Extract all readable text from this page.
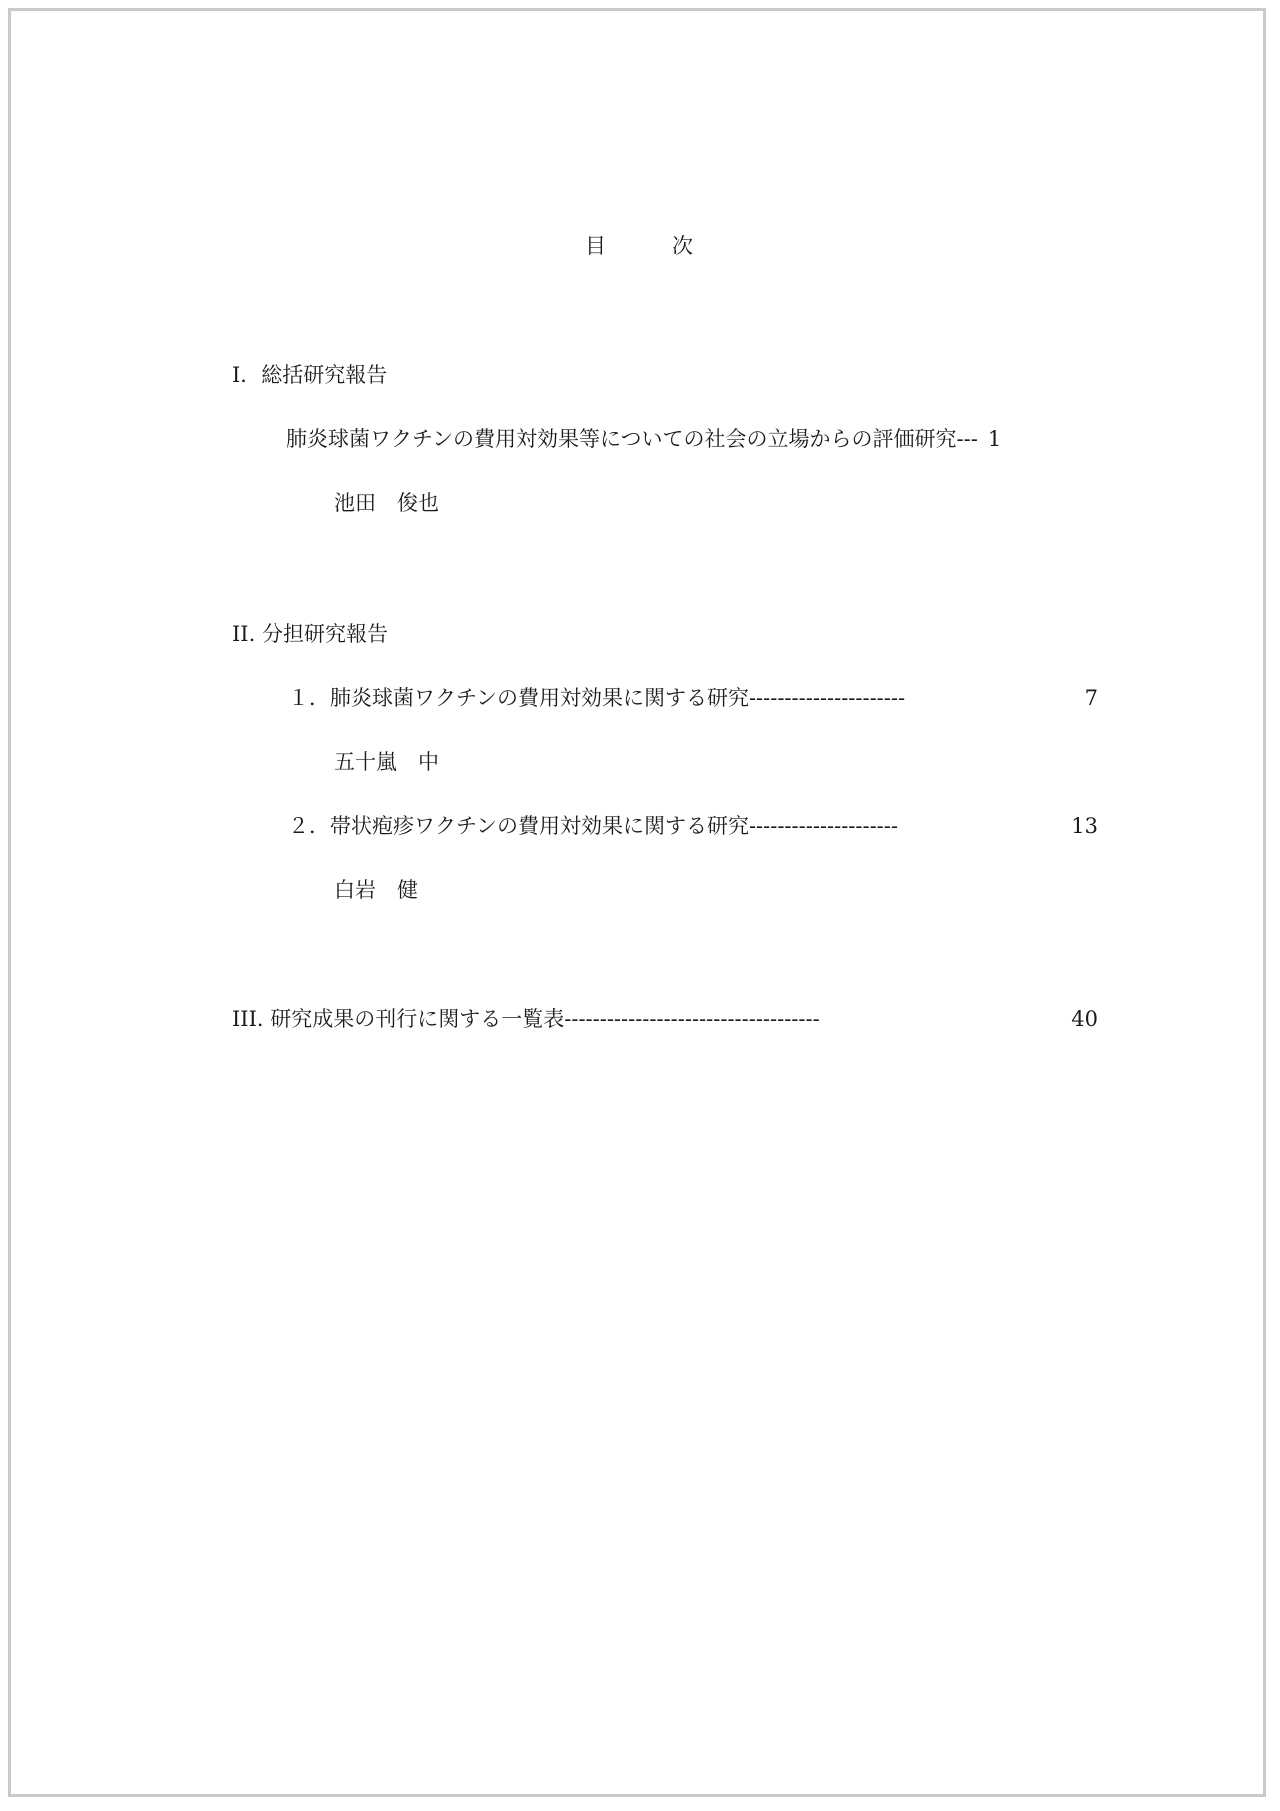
目	次
Ⅰ．総括研究報告
肺炎球菌ワクチンの費用対効果等についての社会の立場からの評価研究 --- 1
池田　俊也
II. 分担研究報告
１． 肺炎球菌ワクチンの費用対効果に関する研究 ----------------------	7
五十嵐　中
２． 帯状疱疹ワクチンの費用対効果に関する研究 ---------------------	13
白岩　健
III. 研究成果の刊行に関する一覧表 ------------------------------------	40
